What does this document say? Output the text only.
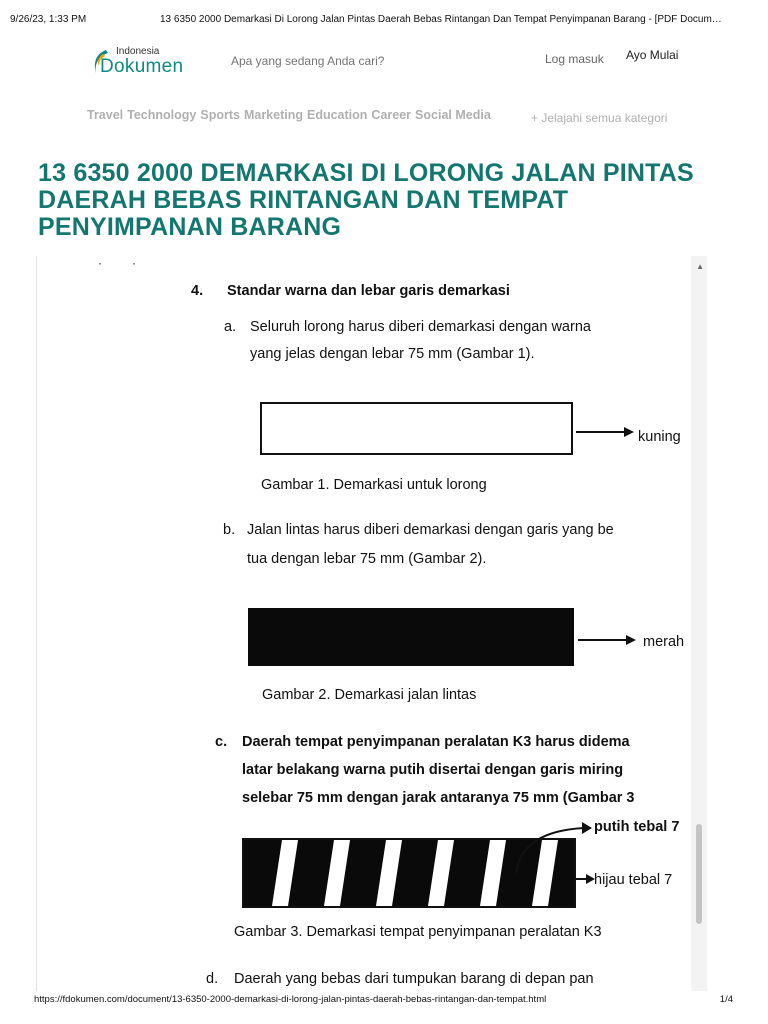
9/26/23, 1:33 PM	13 6350 2000 Demarkasi Di Lorong Jalan Pintas Daerah Bebas Rintangan Dan Tempat Penyimpanan Barang - [PDF Docum…
Indonesia
Dokumen
Apa yang sedang Anda cari?	Log masuk Ayo Mulai
Travel Technology Sports Marketing Education Career Social Media	+ Jelajahi semua kategori
13 6350 2000 DEMARKASI DI LORONG JALAN PINTAS DAERAH BEBAS RINTANGAN DAN TEMPAT PENYIMPANAN BARANG
·         ·
4. Standar warna dan lebar garis demarkasi
a. Seluruh lorong harus diberi demarkasi dengan warna
yang jelas dengan lebar 75 mm (Gambar 1).
kuning
Gambar 1. Demarkasi untuk lorong
b. Jalan lintas harus diberi demarkasi dengan garis yang be
tua dengan lebar 75 mm (Gambar 2).
merah
Gambar 2. Demarkasi jalan lintas
c. Daerah tempat penyimpanan peralatan K3 harus didema
latar belakang warna putih disertai dengan garis miring
selebar 75 mm dengan jarak antaranya 75 mm (Gambar 3
putih tebal 7
hijau tebal 7
Gambar 3. Demarkasi tempat penyimpanan peralatan K3
d. Daerah yang bebas dari tumpukan barang di depan pan
▲
https://fdokumen.com/document/13-6350-2000-demarkasi-di-lorong-jalan-pintas-daerah-bebas-rintangan-dan-tempat.html	1/4
